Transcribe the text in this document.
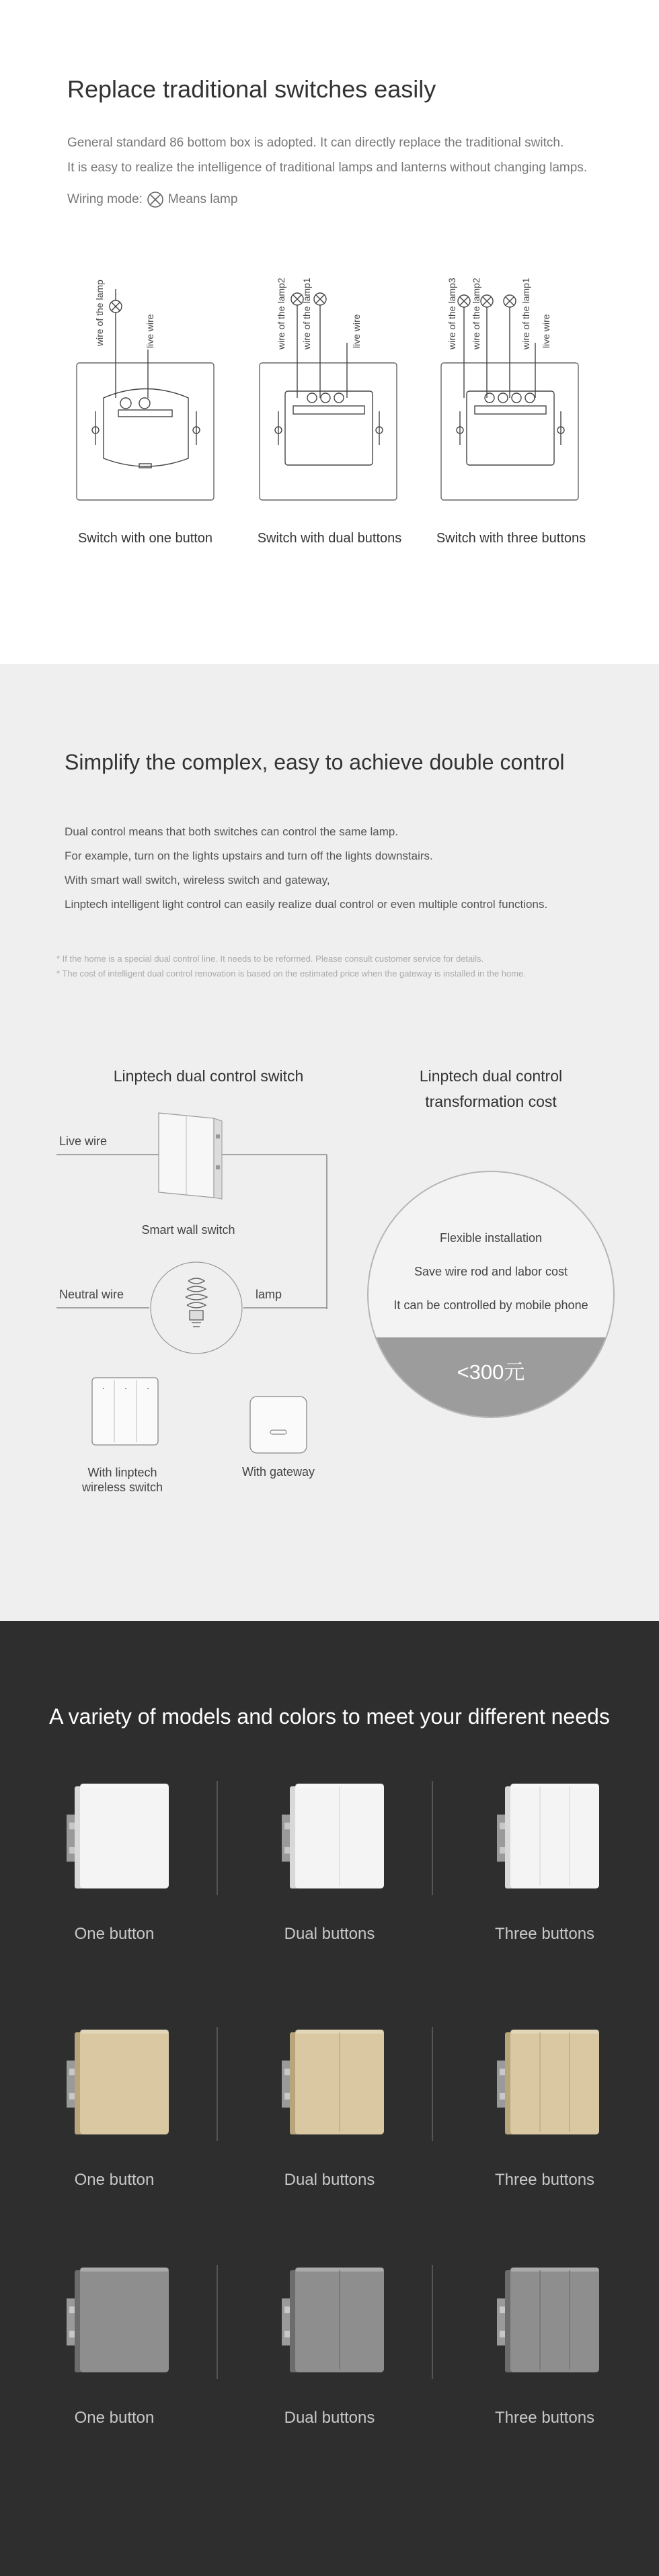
Replace traditional switches easily

General standard 86 bottom box is adopted. It can directly replace the traditional switch.
It is easy to realize the intelligence of traditional lamps and lanterns without changing lamps.

Wiring mode: Means lamp
wire of the lamp	live wire
Switch with one button
wire of the lamp2 wire of the lamp1	live wire
Switch with dual buttons
wire of the lamp3 wire of the lamp2	wire of the lamp1 live wire
Switch with three buttons
Simplify the complex, easy to achieve double control
Dual control means that both switches can control the same lamp.
For example, turn on the lights upstairs and turn off the lights downstairs.
With smart wall switch, wireless switch and gateway,
Linptech intelligent light control can easily realize dual control or even multiple control functions.
* If the home is a special dual control line. It needs to be reformed. Please consult customer service for details.
* The cost of intelligent dual control renovation is based on the estimated price when the gateway is installed in the home.
Linptech dual control switch	Linptech dual control
transformation cost
Live wire
Smart wall switch
Neutral wire	lamp
With linptech
wireless switch
With gateway
Flexible installation
Save wire rod and labor cost
It can be controlled by mobile phone
<300元
A variety of models and colors to meet your different needs
One button	Dual buttons	Three buttons
One button	Dual buttons	Three buttons
One button	Dual buttons	Three buttons
